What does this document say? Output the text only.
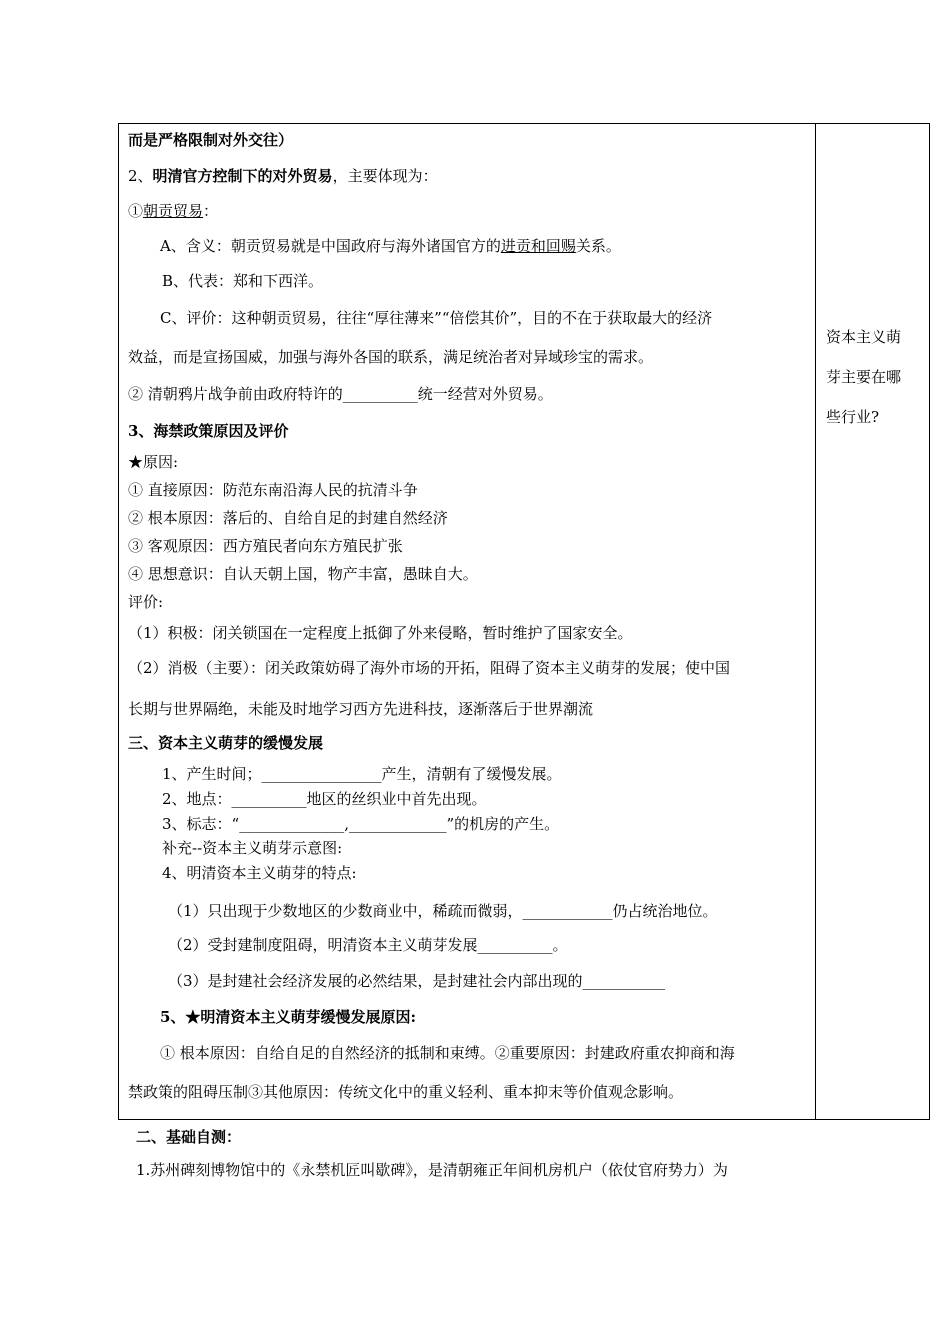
而是严格限制对外交往）
2、明清官方控制下的对外贸易，主要体现为：
①朝贡贸易：
A、含义：朝贡贸易就是中国政府与海外诸国官方的进贡和回赐关系。
B、代表：郑和下西洋。
C、评价：这种朝贡贸易，往往“厚往薄来”“倍偿其价”，目的不在于获取最大的经济
效益，而是宣扬国威，加强与海外各国的联系，满足统治者对异域珍宝的需求。
② 清朝鸦片战争前由政府特许的__________统一经营对外贸易。
3、海禁政策原因及评价
★原因:
① 直接原因：防范东南沿海人民的抗清斗争
② 根本原因：落后的、自给自足的封建自然经济
③ 客观原因：西方殖民者向东方殖民扩张
④ 思想意识：自认天朝上国，物产丰富，愚昧自大。
评价:
（1）积极：闭关锁国在一定程度上抵御了外来侵略，暂时维护了国家安全。
（2）消极（主要）：闭关政策妨碍了海外市场的开拓，阻碍了资本主义萌芽的发展；使中国
长期与世界隔绝，未能及时地学习西方先进科技，逐渐落后于世界潮流
三、资本主义萌芽的缓慢发展
1、产生时间；________________产生，清朝有了缓慢发展。
2、地点：__________地区的丝织业中首先出现。
3、标志：“______________,_____________”的机房的产生。
补充--资本主义萌芽示意图:
4、明清资本主义萌芽的特点:
（1）只出现于少数地区的少数商业中，稀疏而微弱，____________仍占统治地位。
（2）受封建制度阻碍，明清资本主义萌芽发展__________。
（3）是封建社会经济发展的必然结果，是封建社会内部出现的___________
5、★明清资本主义萌芽缓慢发展原因:
① 根本原因：自给自足的自然经济的抵制和束缚。②重要原因：封建政府重农抑商和海
禁政策的阻碍压制③其他原因：传统文化中的重义轻利、重本抑末等价值观念影响。
资本主义萌
芽主要在哪
些行业?
二、基础自测：
1.苏州碑刻博物馆中的《永禁机匠叫歇碑》，是清朝雍正年间机房机户（依仗官府势力）为
